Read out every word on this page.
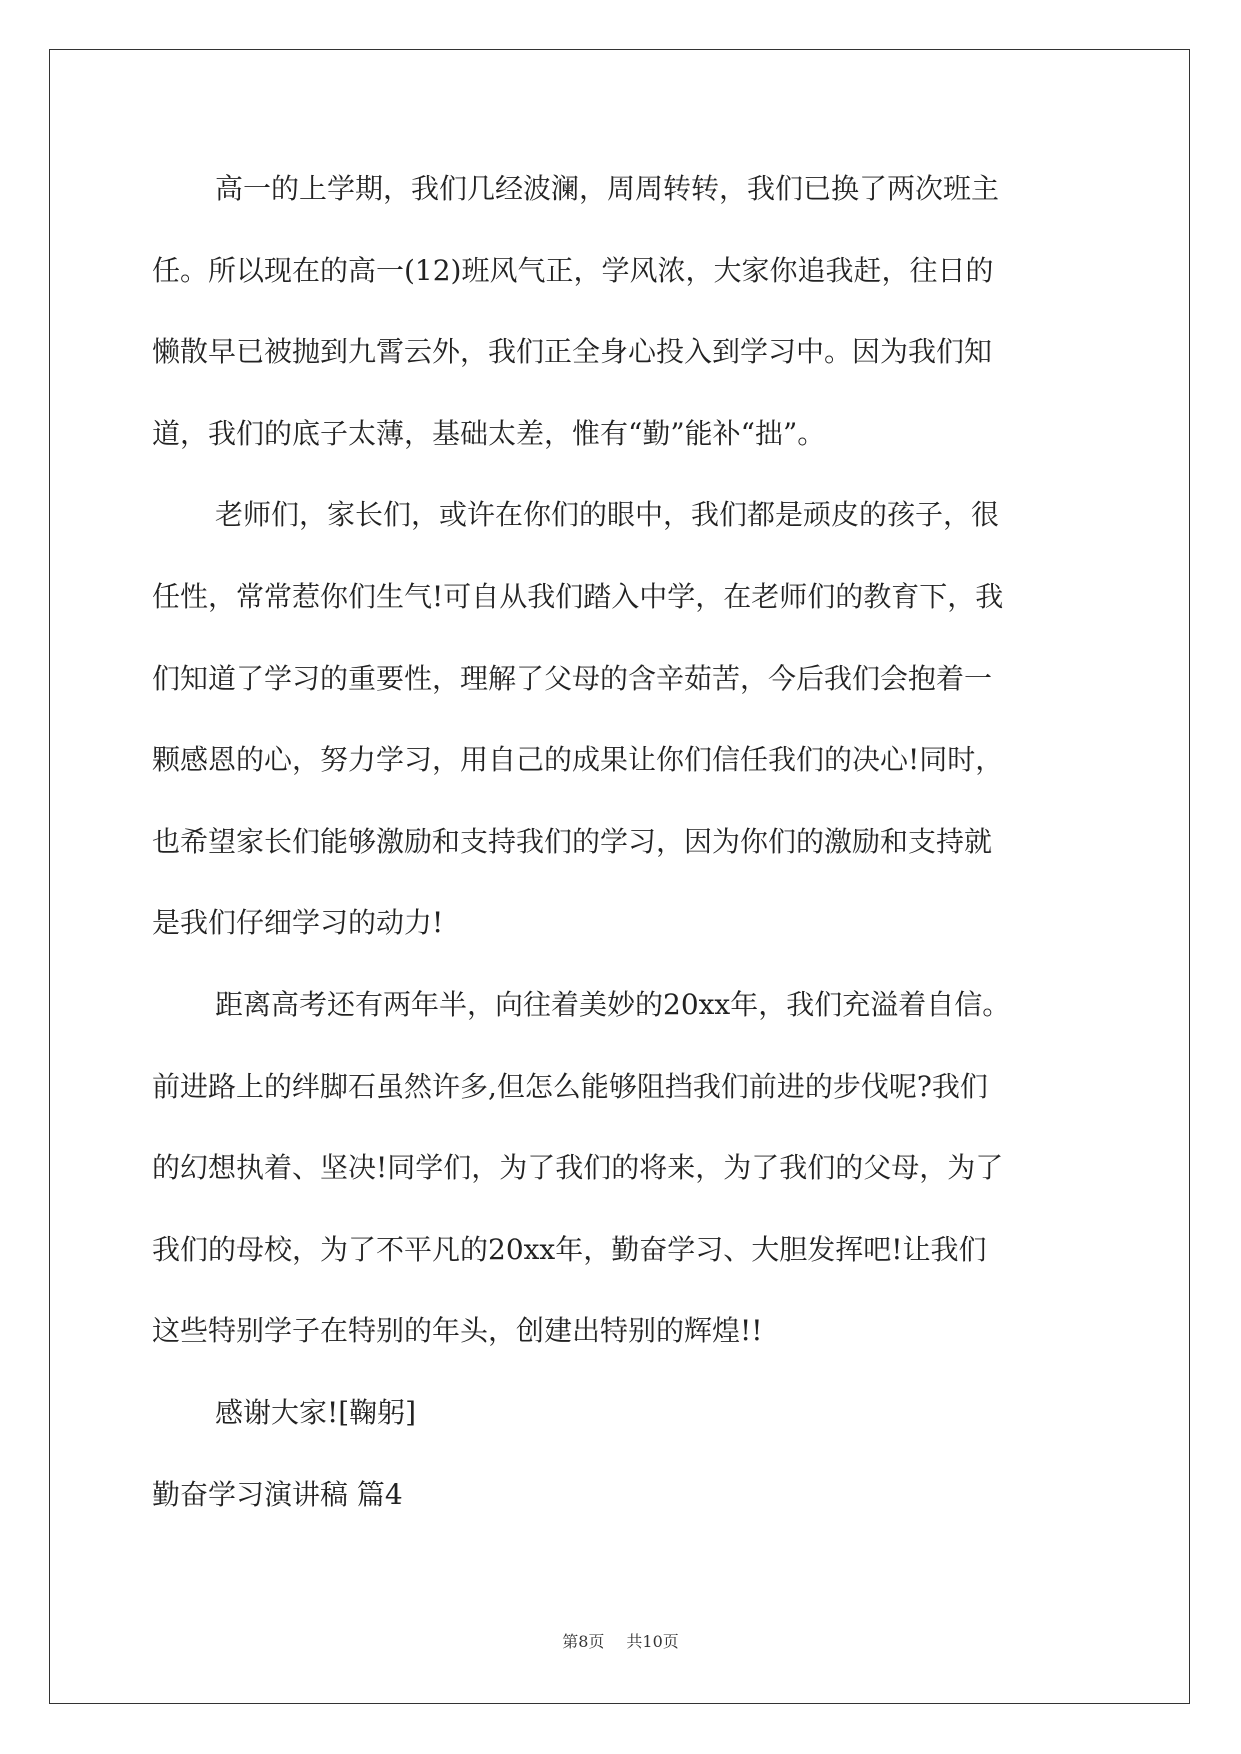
高一的上学期，我们几经波澜，周周转转，我们已换了两次班主
任。所以现在的高一(12)班风气正，学风浓，大家你追我赶，往日的
懒散早已被抛到九霄云外，我们正全身心投入到学习中。因为我们知
道，我们的底子太薄，基础太差，惟有“勤”能补“拙”。
老师们，家长们，或许在你们的眼中，我们都是顽皮的孩子，很
任性，常常惹你们生气!可自从我们踏入中学，在老师们的教育下，我
们知道了学习的重要性，理解了父母的含辛茹苦，今后我们会抱着一
颗感恩的心，努力学习，用自己的成果让你们信任我们的决心!同时，
也希望家长们能够激励和支持我们的学习，因为你们的激励和支持就
是我们仔细学习的动力!
距离高考还有两年半，向往着美妙的20xx年，我们充溢着自信。
前进路上的绊脚石虽然许多,但怎么能够阻挡我们前进的步伐呢?我们
的幻想执着、坚决!同学们，为了我们的将来，为了我们的父母，为了
我们的母校，为了不平凡的20xx年，勤奋学习、大胆发挥吧!让我们
这些特别学子在特别的年头，创建出特别的辉煌!!
感谢大家![鞠躬]
勤奋学习演讲稿 篇4
第8页 共10页
